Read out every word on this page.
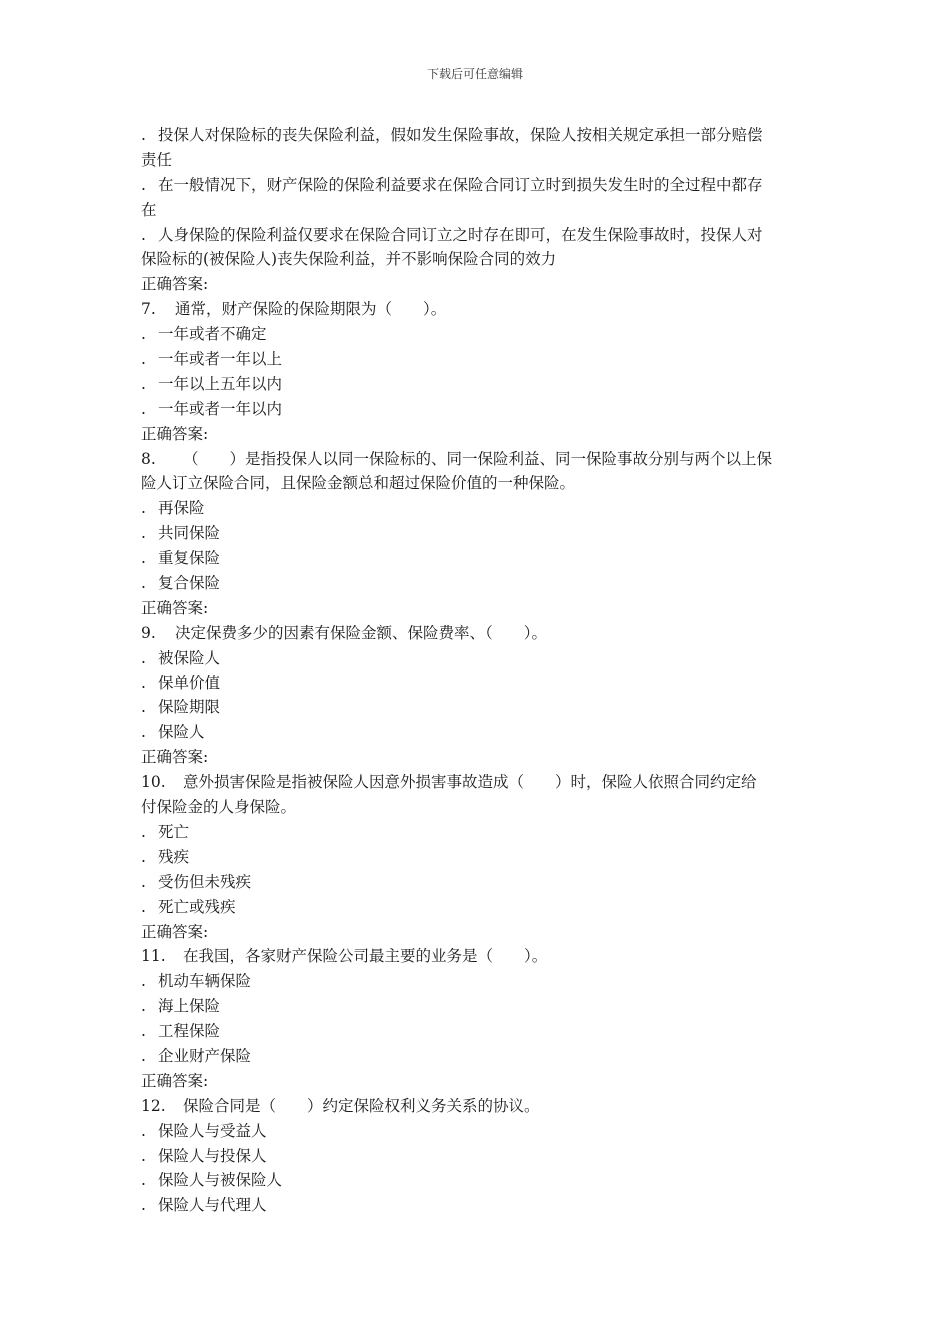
下载后可任意编辑
. 投保人对保险标的丧失保险利益，假如发生保险事故，保险人按相关规定承担一部分赔偿
责任
. 在一般情况下，财产保险的保险利益要求在保险合同订立时到损失发生时的全过程中都存
在
. 人身保险的保险利益仅要求在保险合同订立之时存在即可，在发生保险事故时，投保人对
保险标的(被保险人)丧失保险利益，并不影响保险合同的效力
正确答案:
7. 通常，财产保险的保险期限为（　　）。
. 一年或者不确定
. 一年或者一年以上
. 一年以上五年以内
. 一年或者一年以内
正确答案:
8. （　　）是指投保人以同一保险标的、同一保险利益、同一保险事故分别与两个以上保
险人订立保险合同，且保险金额总和超过保险价值的一种保险。
. 再保险
. 共同保险
. 重复保险
. 复合保险
正确答案:
9. 决定保费多少的因素有保险金额、保险费率、（　　）。
. 被保险人
. 保单价值
. 保险期限
. 保险人
正确答案:
10. 意外损害保险是指被保险人因意外损害事故造成（　　）时，保险人依照合同约定给
付保险金的人身保险。
. 死亡
. 残疾
. 受伤但未残疾
. 死亡或残疾
正确答案:
11. 在我国，各家财产保险公司最主要的业务是（　　）。
. 机动车辆保险
. 海上保险
. 工程保险
. 企业财产保险
正确答案:
12. 保险合同是（　　）约定保险权利义务关系的协议。
. 保险人与受益人
. 保险人与投保人
. 保险人与被保险人
. 保险人与代理人
